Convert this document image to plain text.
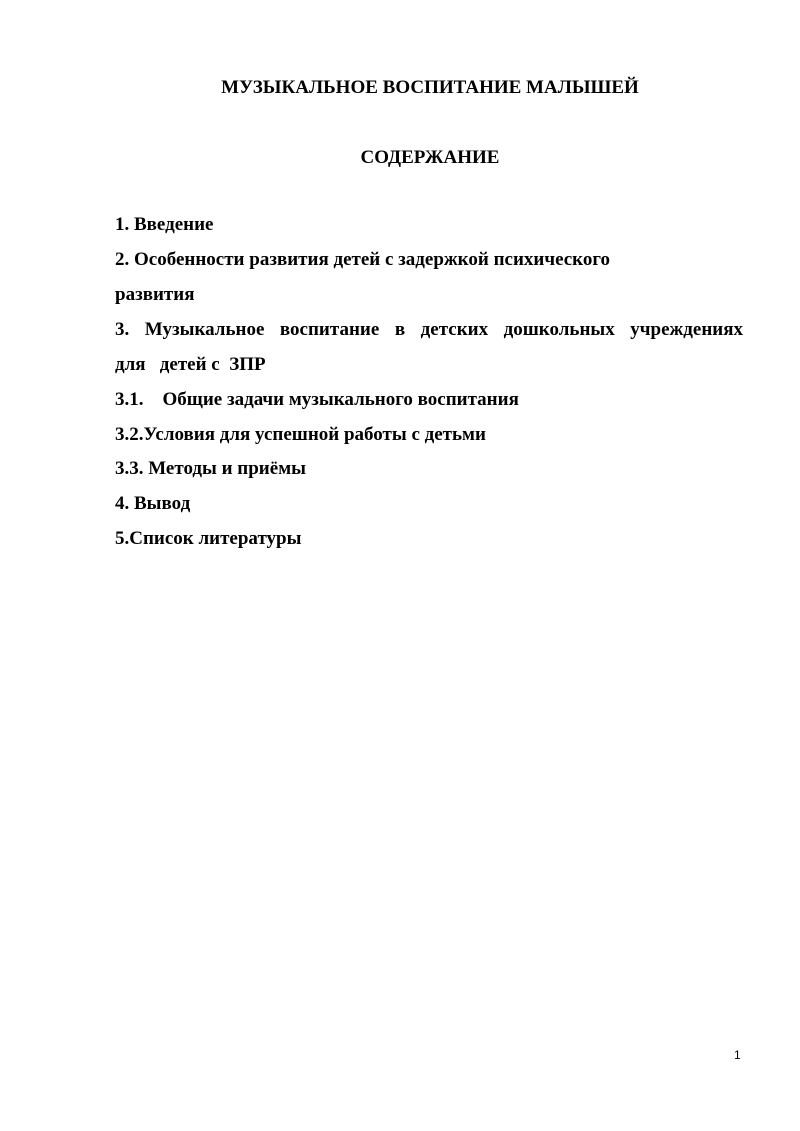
МУЗЫКАЛЬНОЕ ВОСПИТАНИЕ МАЛЫШЕЙ
СОДЕРЖАНИЕ
1. Введение
2. Особенности развития детей с задержкой психического
развития
3. Музыкальное воспитание в детских дошкольных учреждениях
для   детей с  ЗПР
3.1.    Общие задачи музыкального воспитания
3.2.Условия для успешной работы с детьми
3.3. Методы и приёмы
4. Вывод
5.Список литературы
1
